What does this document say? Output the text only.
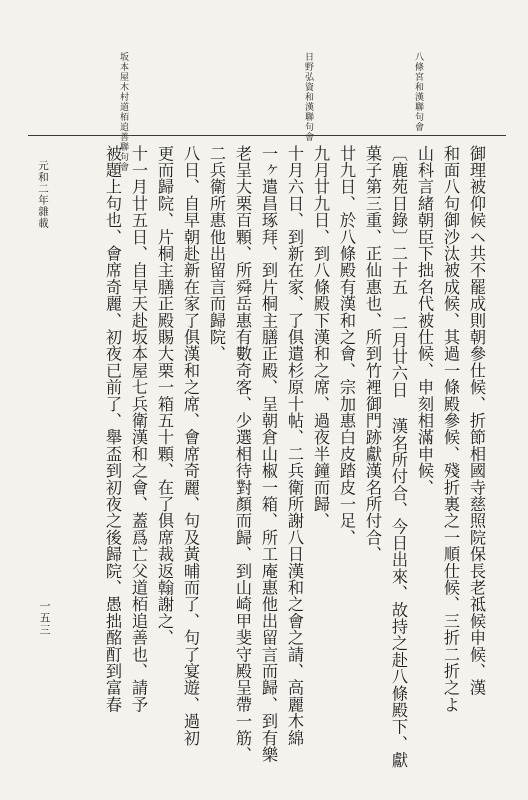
八條宮和漢聯句會
日野弘資和漢聯句會
坂本屋木村道栢追善聯句會
御理被仰候ヘ共不罷成則朝參仕候、折節相國寺慈照院保長老祗候申候、漢
和面八句御沙汰被成候、其過一條殿參候、殘折裏之一順仕候、三折二折之よ
山科言緒朝臣下拙名代被仕候、申刻相滿申候、
〔鹿苑日錄〕二十五 二月廿六日 漢名所付合、今日出來、故持之赴八條殿下、獻
菓子第三重、正仙惠也、所到竹裡御門跡獻漢名所付合、
廿九日、於八條殿有漢和之會、宗加惠白皮踏皮一足、
九月廿九日、到八條殿下漢和之席、過夜半鐘而歸、
十月六日、到新在家、了俱遣杉原十帖、二兵衛所謝八日漢和之會之請、高麗木綿
一ヶ遣昌琢拜、到片桐主膳正殿、呈朝倉山椒一箱、所工庵惠他出留言而歸、到有樂
老呈大栗百顆、所舜岳惠有數奇客、少選相待對顏而歸、到山崎甲斐守殿呈帶一筋、
二兵衛所惠他出留言而歸院、
八日、自早朝赴新在家了俱漢和之席、會席奇麗、句及黃晡而了、句了宴遊、過初
更而歸院、片桐主膳正殿賜大栗一箱五十顆、在了俱席裁返翰謝之、
十一月廿五日、自早天赴坂本屋七兵衛漢和之會、蓋爲亡父道栢追善也、請予
被題上句也、會席奇麗、初夜已前了、舉盃到初夜之後歸院、愚拙酩酊到富春
元和二年雜載
一五三
